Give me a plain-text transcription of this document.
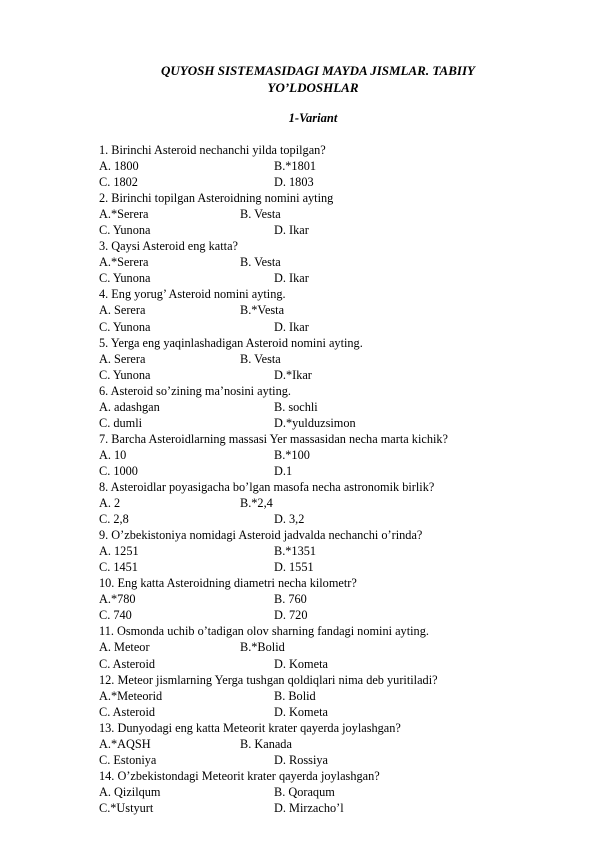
QUYOSH SISTEMASIDAGI MAYDA JISMLAR. TABIIY
YO’LDOSHLAR
1-Variant
1. Birinchi Asteroid nechanchi yilda topilgan?
A. 1800	B.*1801
C. 1802	D. 1803
2. Birinchi topilgan Asteroidning nomini ayting
A.*Serera	B. Vesta
C. Yunona	D. Ikar
3. Qaysi Asteroid eng katta?
A.*Serera	B. Vesta
C. Yunona	D. Ikar
4. Eng yorug’ Asteroid nomini ayting.
A. Serera	B.*Vesta
C. Yunona	D. Ikar
5. Yerga eng yaqinlashadigan Asteroid nomini ayting.
A. Serera	B. Vesta
C. Yunona	D.*Ikar
6. Asteroid so’zining ma’nosini ayting.
A. adashgan	B. sochli
C. dumli	D.*yulduzsimon
7. Barcha Asteroidlarning massasi Yer massasidan necha marta kichik?
A. 10	B.*100
C. 1000	D.1
8. Asteroidlar poyasigacha bo’lgan masofa necha astronomik birlik?
A. 2	B.*2,4
C. 2,8	D. 3,2
9. O’zbekistoniya nomidagi Asteroid jadvalda nechanchi o’rinda?
A. 1251	B.*1351
C. 1451	D. 1551
10. Eng katta Asteroidning diametri necha kilometr?
A.*780	B. 760
C. 740	D. 720
11. Osmonda uchib o’tadigan olov sharning fandagi nomini ayting.
A. Meteor	B.*Bolid
C. Asteroid	D. Kometa
12. Meteor jismlarning Yerga tushgan qoldiqlari nima deb yuritiladi?
A.*Meteorid	B. Bolid
C. Asteroid	D. Kometa
13. Dunyodagi eng katta Meteorit krater qayerda joylashgan?
A.*AQSH	B. Kanada
C. Estoniya	D. Rossiya
14. O’zbekistondagi Meteorit krater qayerda joylashgan?
A. Qizilqum	B. Qoraqum
C.*Ustyurt	D. Mirzacho’l
